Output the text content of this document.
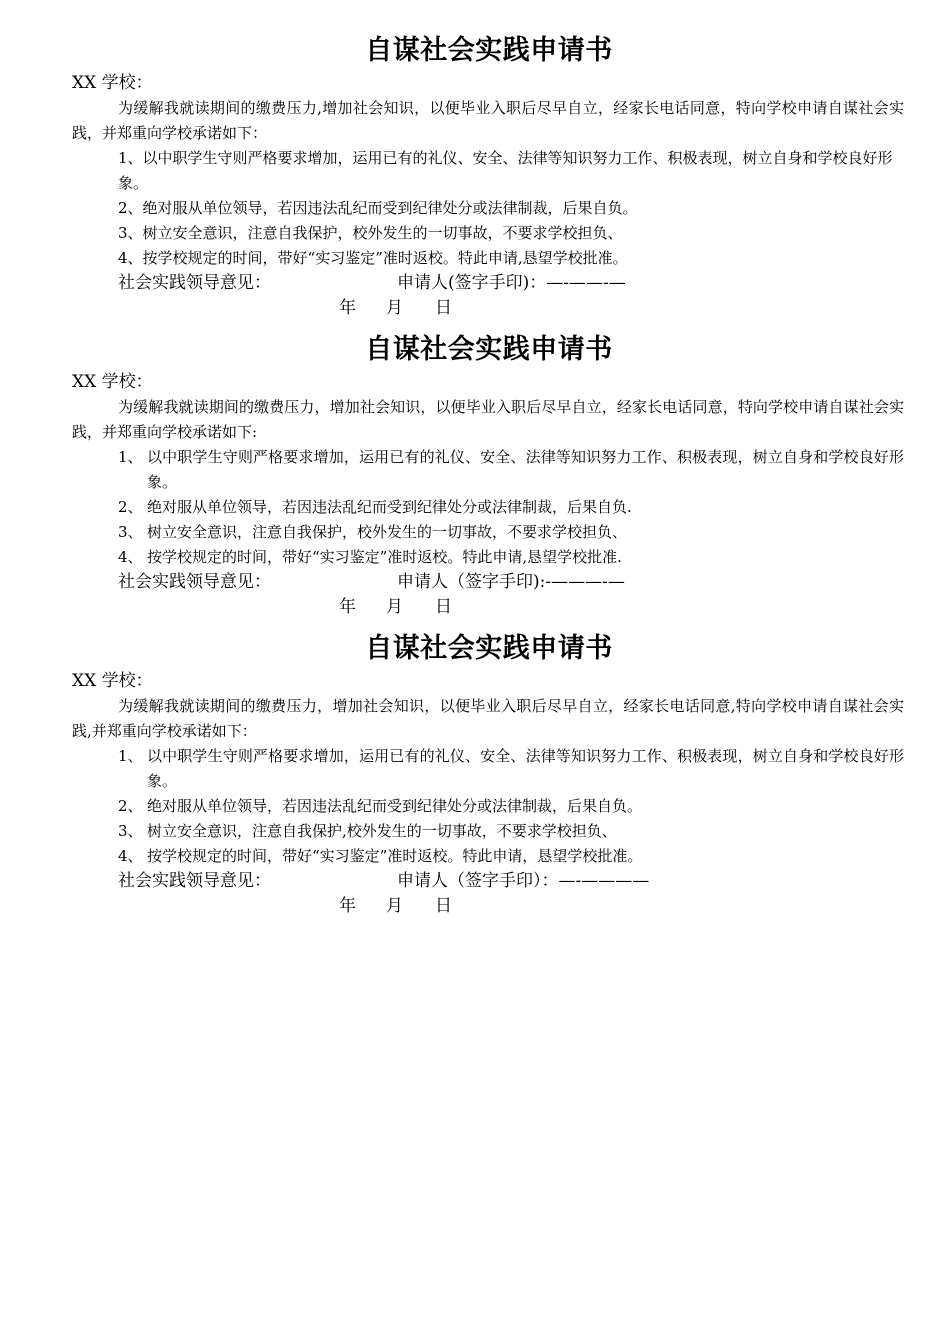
自谋社会实践申请书
XX 学校：

为缓解我就读期间的缴费压力,增加社会知识，以便毕业入职后尽早自立，经家长电话同意，特向学校申请自谋社会实践，并郑重向学校承诺如下：

1、以中职学生守则严格要求增加，运用已有的礼仪、安全、法律等知识努力工作、积极表现，树立自身和学校良好形象。
2、绝对服从单位领导，若因违法乱纪而受到纪律处分或法律制裁，后果自负。
3、树立安全意识，注意自我保护，校外发生的一切事故，不要求学校担负、
4、按学校规定的时间，带好“实习鉴定”准时返校。特此申请,恳望学校批准。
社会实践领导意见：	申请人(签字手印)：—-——-—
年 月 日
自谋社会实践申请书
XX 学校：

为缓解我就读期间的缴费压力，增加社会知识，以便毕业入职后尽早自立，经家长电话同意，特向学校申请自谋社会实践，并郑重向学校承诺如下:

1、 以中职学生守则严格要求增加，运用已有的礼仪、安全、法律等知识努力工作、积极表现，树立自身和学校良好形象。
2、 绝对服从单位领导，若因违法乱纪而受到纪律处分或法律制裁，后果自负.
3、 树立安全意识，注意自我保护，校外发生的一切事故，不要求学校担负、
4、 按学校规定的时间，带好“实习鉴定”准时返校。特此申请,恳望学校批准.
社会实践领导意见：	申请人（签字手印):-———-—
年 月 日
自谋社会实践申请书
XX 学校：

为缓解我就读期间的缴费压力，增加社会知识，以便毕业入职后尽早自立，经家长电话同意,特向学校申请自谋社会实践,并郑重向学校承诺如下：

1、 以中职学生守则严格要求增加，运用已有的礼仪、安全、法律等知识努力工作、积极表现，树立自身和学校良好形象。
2、 绝对服从单位领导，若因违法乱纪而受到纪律处分或法律制裁，后果自负。
3、 树立安全意识，注意自我保护,校外发生的一切事故，不要求学校担负、
4、 按学校规定的时间，带好“实习鉴定”准时返校。特此申请，恳望学校批准。
社会实践领导意见：	申请人（签字手印）：—-————
年 月 日
